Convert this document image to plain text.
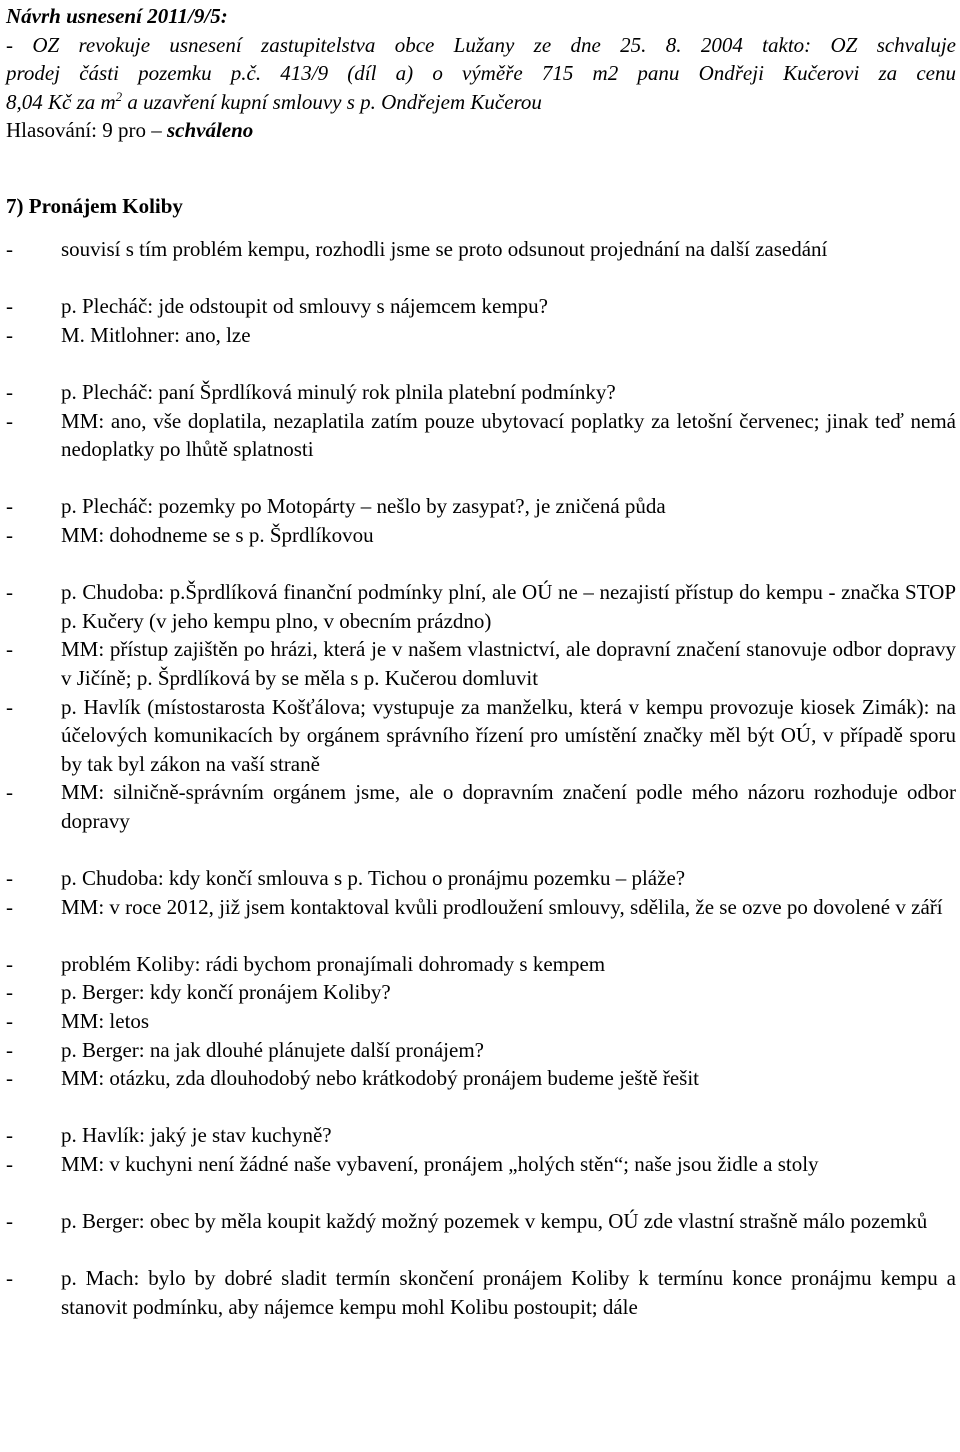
Návrh usnesení 2011/9/5:
- OZ revokuje usnesení zastupitelstva obce Lužany ze dne 25. 8. 2004 takto: OZ schvaluje
prodej části pozemku p.č. 413/9 (díl a) o výměře 715 m2 panu Ondřeji Kučerovi za cenu
8,04 Kč za $m^2$ a uzavření kupní smlouvy s p. Ondřejem Kučerou
Hlasování: 9 pro – schváleno
7) Pronájem Koliby
- souvisí s tím problém kempu, rozhodli jsme se proto odsunout projednání na další zasedání
- p. Plecháč: jde odstoupit od smlouvy s nájemcem kempu?
- M. Mitlohner: ano, lze
- p. Plecháč: paní Šprdlíková minulý rok plnila platební podmínky?
- MM: ano, vše doplatila, nezaplatila zatím pouze ubytovací poplatky za letošní červenec; jinak teď nemá nedoplatky po lhůtě splatnosti
- p. Plecháč: pozemky po Motopárty – nešlo by zasypat?, je zničená půda
- MM: dohodneme se s p. Šprdlíkovou
- p. Chudoba: p.Šprdlíková finanční podmínky plní, ale OÚ ne – nezajistí přístup do kempu - značka STOP p. Kučery (v jeho kempu plno, v obecním prázdno)
- MM: přístup zajištěn po hrázi, která je v našem vlastnictví, ale dopravní značení stanovuje odbor dopravy v Jičíně; p. Šprdlíková by se měla s p. Kučerou domluvit
- p. Havlík (místostarosta Košťálova; vystupuje za manželku, která v kempu provozuje kiosek Zimák): na účelových komunikacích by orgánem správního řízení pro umístění značky měl být OÚ, v případě sporu by tak byl zákon na vaší straně
- MM: silničně-správním orgánem jsme, ale o dopravním značení podle mého názoru rozhoduje odbor dopravy
- p. Chudoba: kdy končí smlouva s p. Tichou o pronájmu pozemku – pláže?
- MM: v roce 2012, již jsem kontaktoval kvůli prodloužení smlouvy, sdělila, že se ozve po dovolené v září
- problém Koliby: rádi bychom pronajímali dohromady s kempem
- p. Berger: kdy končí pronájem Koliby?
- MM: letos
- p. Berger: na jak dlouhé plánujete další pronájem?
- MM: otázku, zda dlouhodobý nebo krátkodobý pronájem budeme ještě řešit
- p. Havlík: jaký je stav kuchyně?
- MM: v kuchyni není žádné naše vybavení, pronájem „holých stěn“; naše jsou židle a stoly
- p. Berger: obec by měla koupit každý možný pozemek v kempu, OÚ zde vlastní strašně málo pozemků
- p. Mach: bylo by dobré sladit termín skončení pronájem Koliby k termínu konce pronájmu kempu a stanovit podmínku, aby nájemce kempu mohl Kolibu postoupit; dále
